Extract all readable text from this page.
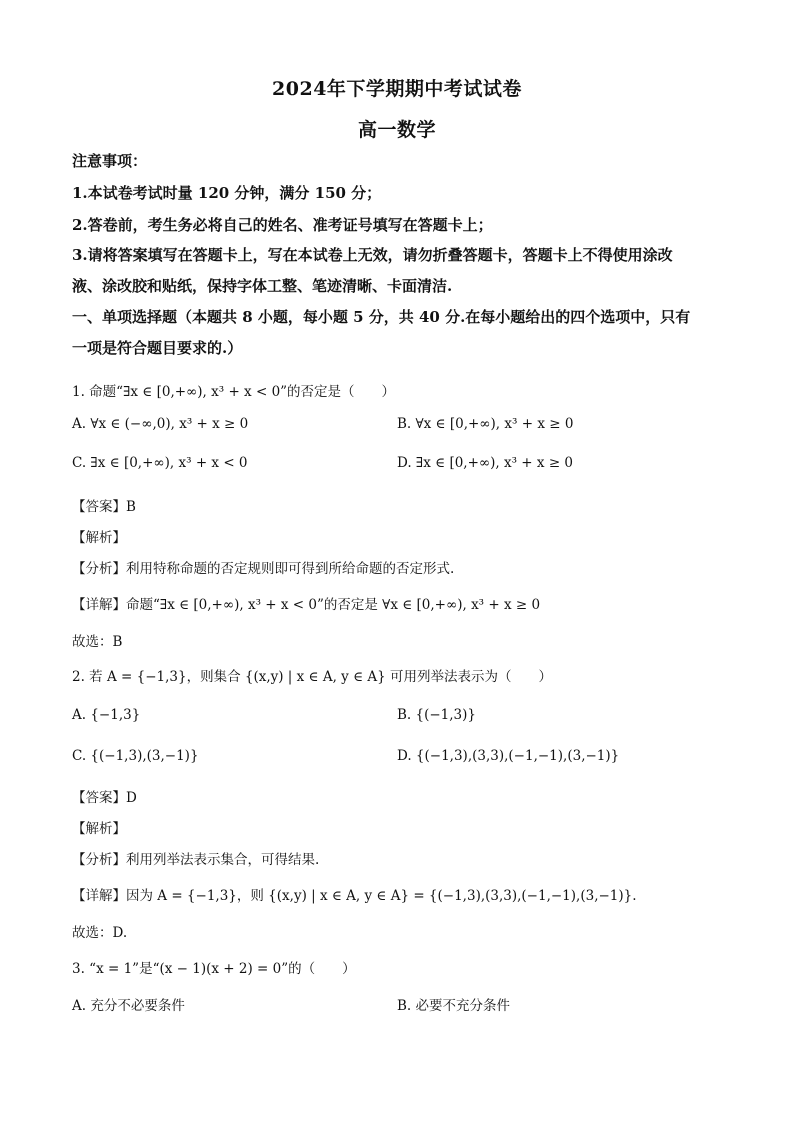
2024年下学期期中考试试卷
高一数学
注意事项：
1.本试卷考试时量 120 分钟，满分 150 分；
2.答卷前，考生务必将自己的姓名、准考证号填写在答题卡上；
3.请将答案填写在答题卡上，写在本试卷上无效，请勿折叠答题卡，答题卡上不得使用涂改
液、涂改胶和贴纸，保持字体工整、笔迹清晰、卡面清洁.
一、单项选择题（本题共 8 小题，每小题 5 分，共 40 分.在每小题给出的四个选项中，只有
一项是符合题目要求的.）
1. 命题“∃x ∈ [0,+∞), x³ + x < 0”的否定是（　　）
A. ∀x ∈ (−∞,0), x³ + x ≥ 0	B. ∀x ∈ [0,+∞), x³ + x ≥ 0
C. ∃x ∈ [0,+∞), x³ + x < 0	D. ∃x ∈ [0,+∞), x³ + x ≥ 0
【答案】B
【解析】
【分析】利用特称命题的否定规则即可得到所给命题的否定形式.
【详解】命题“∃x ∈ [0,+∞), x³ + x < 0”的否定是 ∀x ∈ [0,+∞), x³ + x ≥ 0
故选：B
2. 若 A = {−1,3}，则集合 {(x,y) | x ∈ A, y ∈ A} 可用列举法表示为（　　）
A. {−1,3}	B. {(−1,3)}
C. {(−1,3),(3,−1)}	D. {(−1,3),(3,3),(−1,−1),(3,−1)}
【答案】D
【解析】
【分析】利用列举法表示集合，可得结果.
【详解】因为 A = {−1,3}，则 {(x,y) | x ∈ A, y ∈ A} = {(−1,3),(3,3),(−1,−1),(3,−1)}.
故选：D.
3. “x = 1”是“(x − 1)(x + 2) = 0”的（　　）
A. 充分不必要条件	B. 必要不充分条件
